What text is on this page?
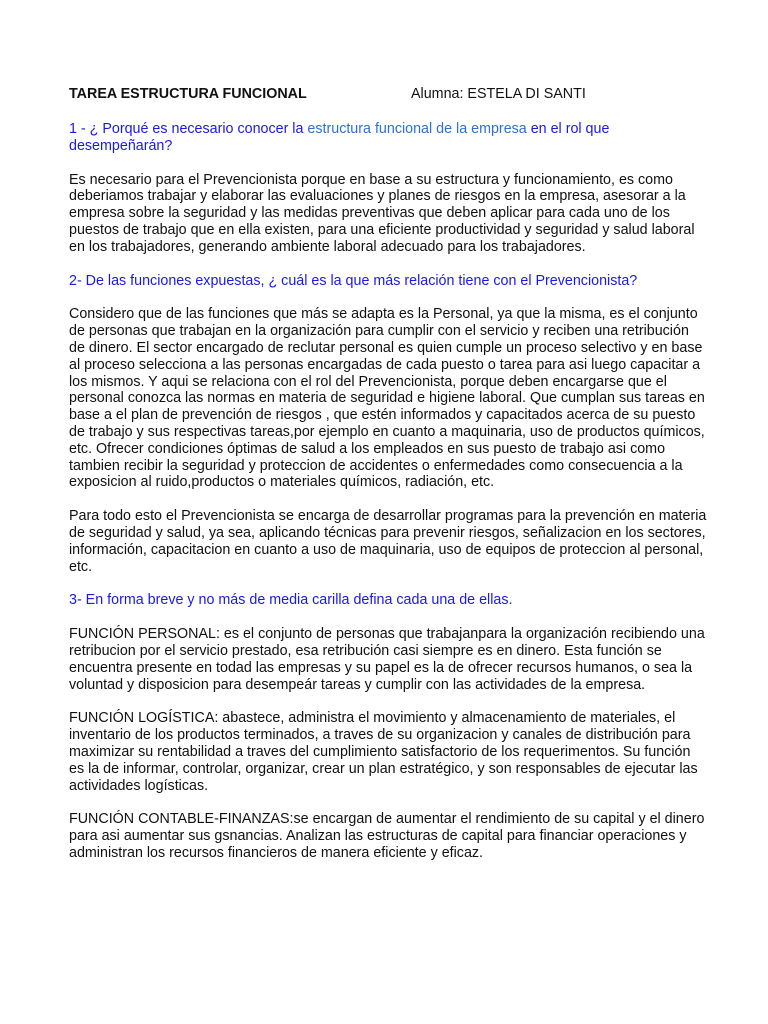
TAREA ESTRUCTURA FUNCIONAL	Alumna: ESTELA DI SANTI

1 - ¿ Porqué es necesario conocer la estructura funcional de la empresa en el rol que desempeñarán?

Es necesario para el Prevencionista porque en base a su estructura y funcionamiento, es como deberiamos trabajar y elaborar las evaluaciones y planes de riesgos en la empresa, asesorar a la empresa sobre la seguridad y las medidas preventivas que deben aplicar para cada uno de los puestos de trabajo que en ella existen, para una eficiente productividad y seguridad y salud laboral en los trabajadores, generando ambiente laboral adecuado para los trabajadores.

2- De las funciones expuestas, ¿ cuál es la que más relación tiene con el Prevencionista?

Considero que de las funciones que más se adapta es la Personal, ya que la misma, es el conjunto de personas que trabajan en la organización para cumplir con el servicio y reciben una retribución de dinero. El sector encargado de reclutar personal es quien cumple un proceso selectivo y en base al proceso selecciona a las personas encargadas de cada puesto o tarea para asi luego capacitar a los mismos. Y aqui se relaciona con el rol del Prevencionista, porque deben encargarse que el personal conozca las normas en materia de seguridad e higiene laboral. Que cumplan sus tareas en base a el plan de prevención de riesgos , que estén informados y capacitados acerca de su puesto de trabajo y sus respectivas tareas,por ejemplo en cuanto a maquinaria, uso de productos químicos, etc. Ofrecer condiciones óptimas de salud a los empleados en sus puesto de trabajo asi como tambien recibir la seguridad y proteccion de accidentes o enfermedades como consecuencia a la exposicion al ruido,productos o materiales químicos, radiación, etc.

Para todo esto el Prevencionista se encarga de desarrollar programas para la prevención en materia de seguridad y salud, ya sea, aplicando técnicas para prevenir riesgos, señalizacion en los sectores, información, capacitacion en cuanto a uso de maquinaria, uso de equipos de proteccion al personal, etc.

3- En forma breve y no más de media carilla defina cada una de ellas.

FUNCIÓN PERSONAL: es el conjunto de personas que trabajanpara la organización recibiendo una retribucion por el servicio prestado, esa retribución casi siempre es en dinero. Esta función se encuentra presente en todad las empresas y su papel es la de ofrecer recursos humanos, o sea la voluntad y disposicion para desempeár tareas y cumplir con las actividades de la empresa.

FUNCIÓN LOGÍSTICA: abastece, administra el movimiento y almacenamiento de materiales, el inventario de los productos terminados, a traves de su organizacion y canales de distribución para maximizar su rentabilidad a traves del cumplimiento satisfactorio de los requerimentos. Su función es la de informar, controlar, organizar, crear un plan estratégico, y son responsables de ejecutar las actividades logísticas.

FUNCIÓN CONTABLE-FINANZAS:se encargan de aumentar el rendimiento de su capital y el dinero para asi aumentar sus gsnancias. Analizan las estructuras de capital para financiar operaciones y administran los recursos financieros de manera eficiente y eficaz.
